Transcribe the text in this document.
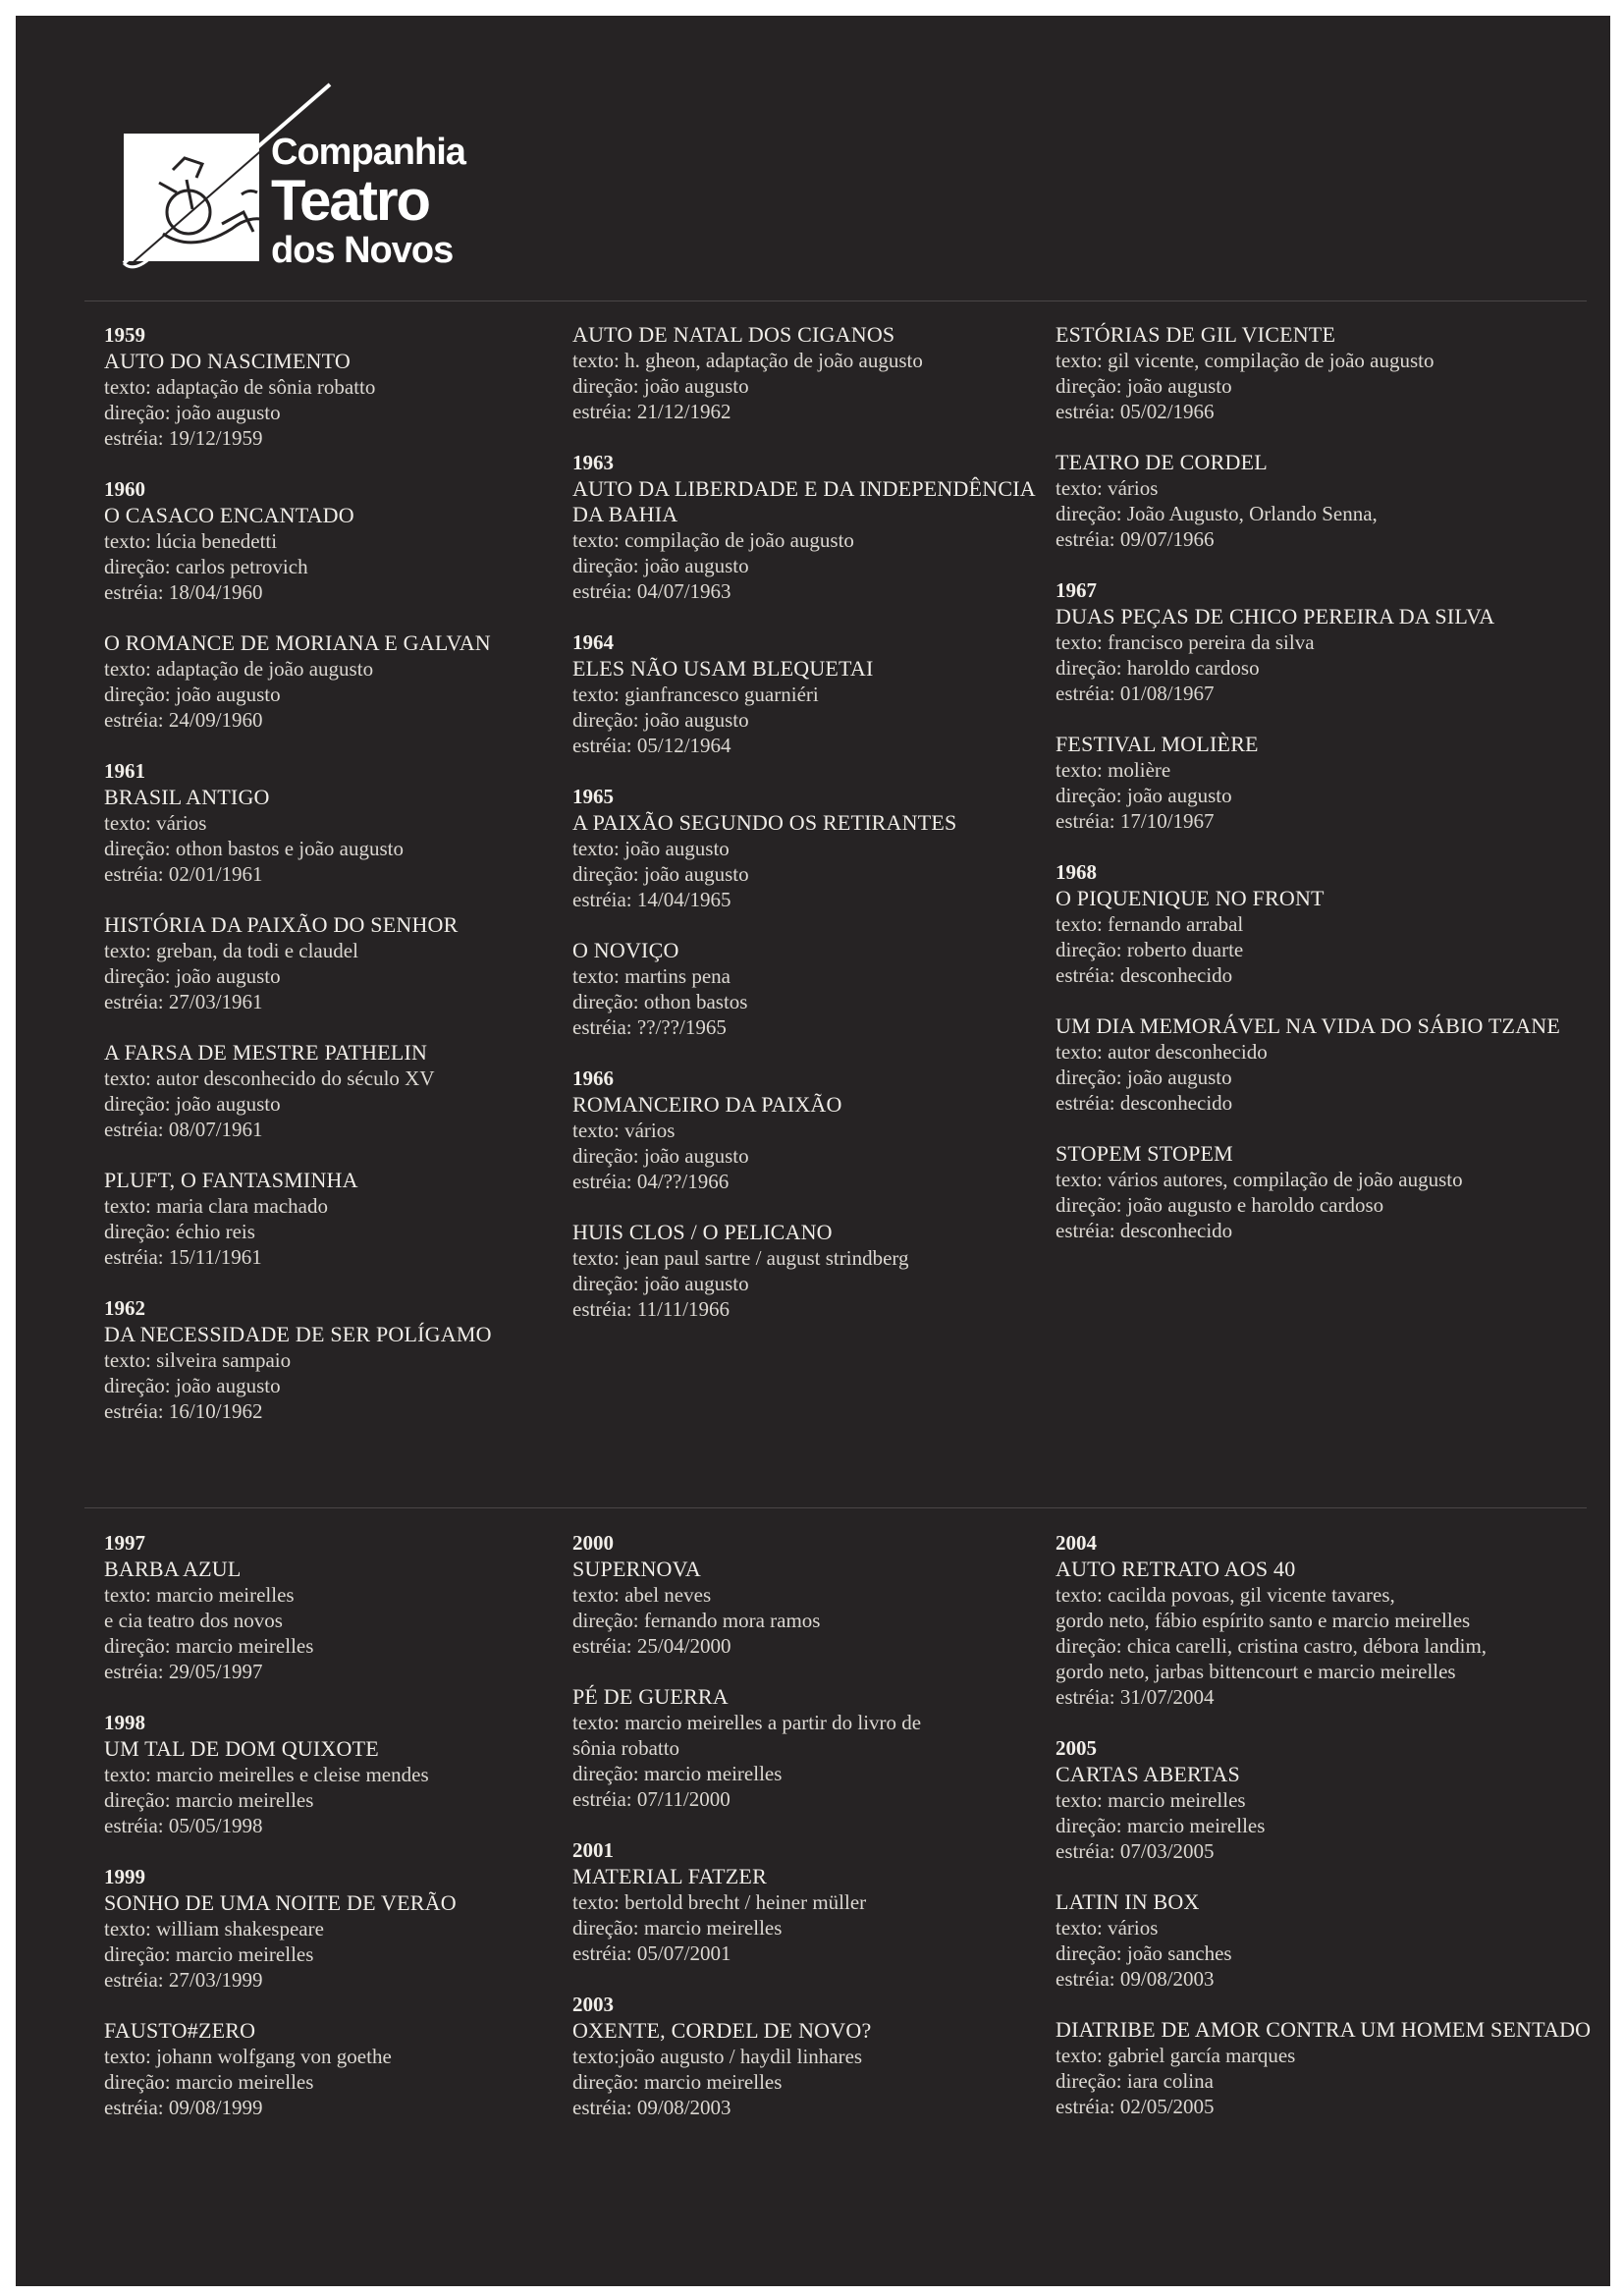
Companhia
Teatro
dos Novos
1959
AUTO DO NASCIMENTO
texto: adaptação de sônia robatto
direção: joão augusto
estréia: 19/12/1959
1960
O CASACO ENCANTADO
texto: lúcia benedetti
direção: carlos petrovich
estréia: 18/04/1960
O ROMANCE DE MORIANA E GALVAN
texto: adaptação de joão augusto
direção: joão augusto
estréia: 24/09/1960
1961
BRASIL ANTIGO
texto: vários
direção: othon bastos e joão augusto
estréia: 02/01/1961
HISTÓRIA DA PAIXÃO DO SENHOR
texto: greban, da todi e claudel
direção: joão augusto
estréia: 27/03/1961
A FARSA DE MESTRE PATHELIN
texto: autor desconhecido do século XV
direção: joão augusto
estréia: 08/07/1961
PLUFT, O FANTASMINHA
texto: maria clara machado
direção: échio reis
estréia: 15/11/1961
1962
DA NECESSIDADE DE SER POLÍGAMO
texto: silveira sampaio
direção: joão augusto
estréia: 16/10/1962
AUTO DE NATAL DOS CIGANOS
texto: h. gheon, adaptação de joão augusto
direção: joão augusto
estréia: 21/12/1962
1963
AUTO DA LIBERDADE E DA INDEPENDÊNCIA DA BAHIA
texto: compilação de joão augusto
direção: joão augusto
estréia: 04/07/1963
1964
ELES NÃO USAM BLEQUETAI
texto: gianfrancesco guarniéri
direção: joão augusto
estréia: 05/12/1964
1965
A PAIXÃO SEGUNDO OS RETIRANTES
texto: joão augusto
direção: joão augusto
estréia: 14/04/1965
O NOVIÇO
texto: martins pena
direção: othon bastos
estréia: ??/??/1965
1966
ROMANCEIRO DA PAIXÃO
texto: vários
direção: joão augusto
estréia: 04/??/1966
HUIS CLOS / O PELICANO
texto: jean paul sartre / august strindberg
direção: joão augusto
estréia: 11/11/1966
ESTÓRIAS DE GIL VICENTE
texto: gil vicente, compilação de joão augusto
direção: joão augusto
estréia: 05/02/1966
TEATRO DE CORDEL
texto: vários
direção: João Augusto, Orlando Senna,
estréia: 09/07/1966
1967
DUAS PEÇAS DE CHICO PEREIRA DA SILVA
texto: francisco pereira da silva
direção: haroldo cardoso
estréia: 01/08/1967
FESTIVAL MOLIÈRE
texto: molière
direção: joão augusto
estréia: 17/10/1967
1968
O PIQUENIQUE NO FRONT
texto: fernando arrabal
direção: roberto duarte
estréia: desconhecido
UM DIA MEMORÁVEL NA VIDA DO SÁBIO TZANE
texto: autor desconhecido
direção: joão augusto
estréia: desconhecido
STOPEM STOPEM
texto: vários autores, compilação de joão augusto
direção: joão augusto e haroldo cardoso
estréia: desconhecido
1997
BARBA AZUL
texto: marcio meirelles
e cia teatro dos novos
direção: marcio meirelles
estréia: 29/05/1997
1998
UM TAL DE DOM QUIXOTE
texto: marcio meirelles e cleise mendes
direção: marcio meirelles
estréia: 05/05/1998
1999
SONHO DE UMA NOITE DE VERÃO
texto: william shakespeare
direção: marcio meirelles
estréia: 27/03/1999
FAUSTO#ZERO
texto: johann wolfgang von goethe
direção: marcio meirelles
estréia: 09/08/1999
2000
SUPERNOVA
texto: abel neves
direção: fernando mora ramos
estréia: 25/04/2000
PÉ DE GUERRA
texto: marcio meirelles a partir do livro de
sônia robatto
direção: marcio meirelles
estréia: 07/11/2000
2001
MATERIAL FATZER
texto: bertold brecht / heiner müller
direção: marcio meirelles
estréia: 05/07/2001
2003
OXENTE, CORDEL DE NOVO?
texto:joão augusto / haydil linhares
direção: marcio meirelles
estréia: 09/08/2003
2004
AUTO RETRATO AOS 40
texto: cacilda povoas, gil vicente tavares,
gordo neto, fábio espírito santo e marcio meirelles
direção: chica carelli, cristina castro, débora landim,
gordo neto, jarbas bittencourt e marcio meirelles
estréia: 31/07/2004
2005
CARTAS ABERTAS
texto: marcio meirelles
direção: marcio meirelles
estréia: 07/03/2005
LATIN IN BOX
texto: vários
direção: joão sanches
estréia: 09/08/2003
DIATRIBE DE AMOR CONTRA UM HOMEM SENTADO
texto: gabriel garcía marques
direção: iara colina
estréia: 02/05/2005
